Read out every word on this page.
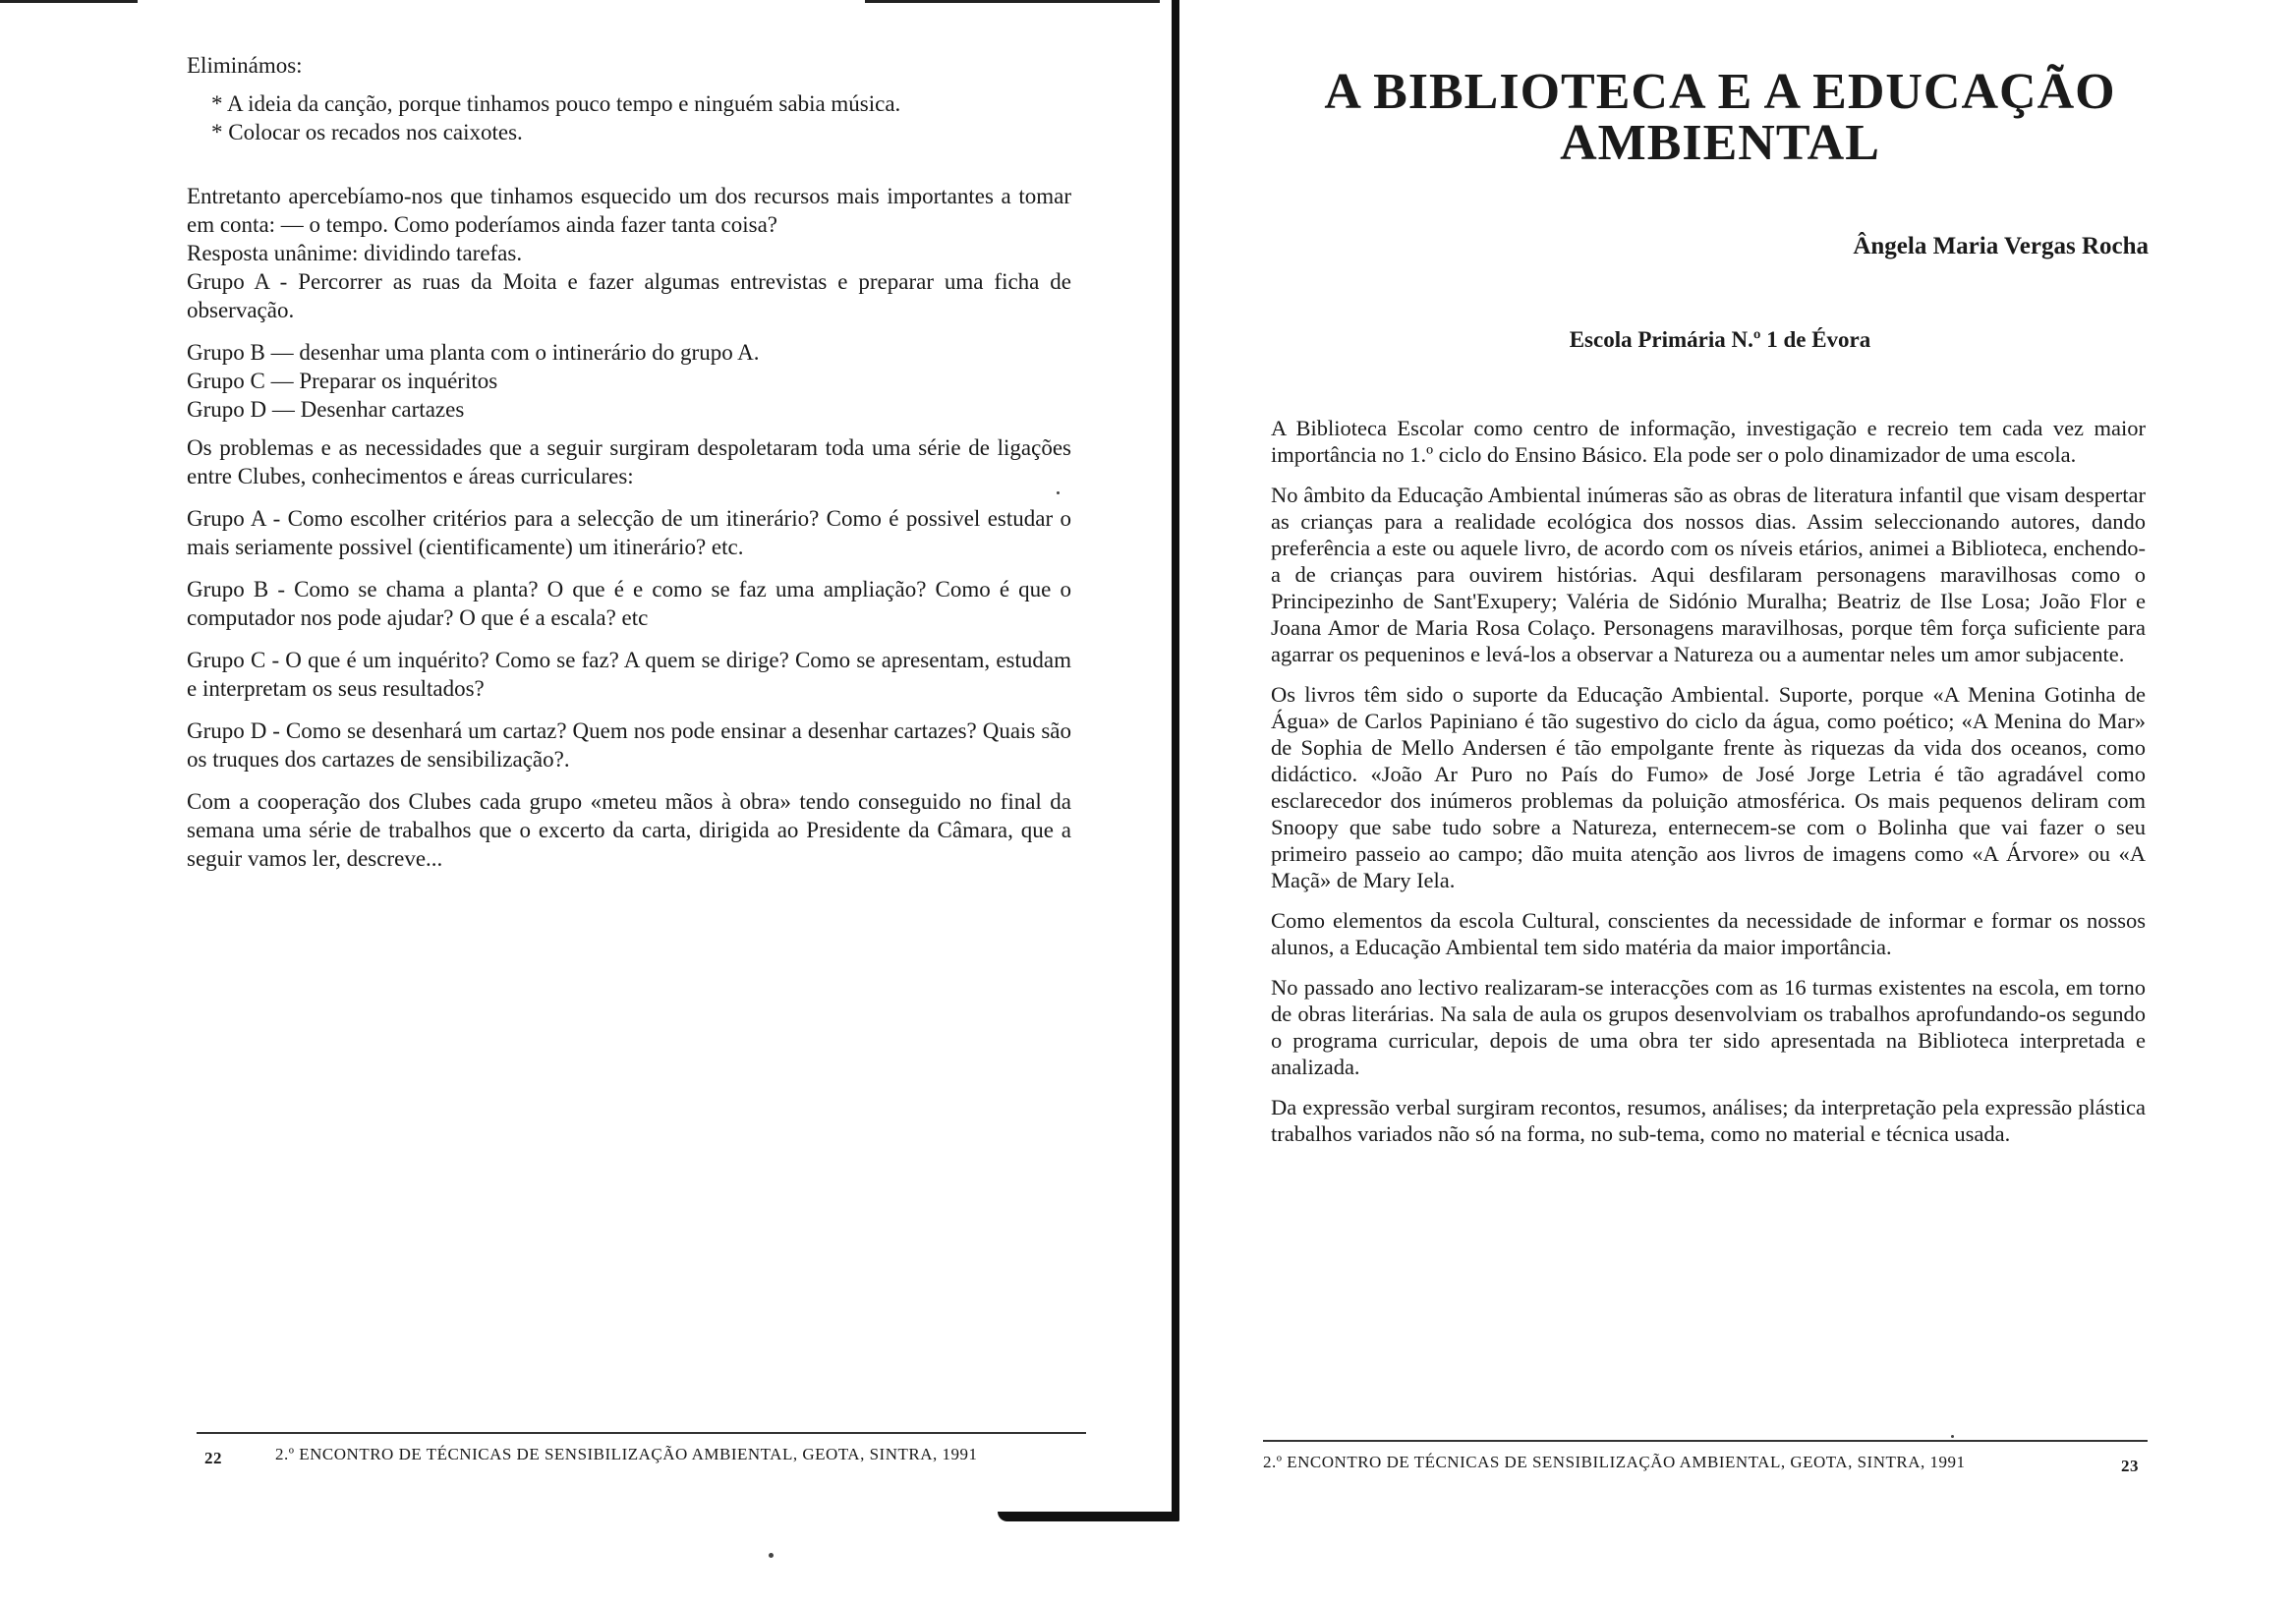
Eliminámos:

* A ideia da canção, porque tinhamos pouco tempo e ninguém sabia música.

* Colocar os recados nos caixotes.

Entretanto apercebíamo-nos que tinhamos esquecido um dos recursos mais importantes a tomar em conta: — o tempo. Como poderíamos ainda fazer tanta coisa?

Resposta unânime: dividindo tarefas.

Grupo A - Percorrer as ruas da Moita e fazer algumas entrevistas e preparar uma ficha de observação.

Grupo B — desenhar uma planta com o intinerário do grupo A.

Grupo C — Preparar os inquéritos

Grupo D — Desenhar cartazes

Os problemas e as necessidades que a seguir surgiram despoletaram toda uma série de ligações entre Clubes, conhecimentos e áreas curriculares:

Grupo A - Como escolher critérios para a selecção de um itinerário? Como é possivel estudar o mais seriamente possivel (cientificamente) um itinerário? etc.

Grupo B - Como se chama a planta? O que é e como se faz uma ampliação? Como é que o computador nos pode ajudar? O que é a escala? etc

Grupo C - O que é um inquérito? Como se faz? A quem se dirige? Como se apresentam, estudam e interpretam os seus resultados?

Grupo D - Como se desenhará um cartaz? Quem nos pode ensinar a desenhar cartazes? Quais são os truques dos cartazes de sensibilização?.

Com a cooperação dos Clubes cada grupo «meteu mãos à obra» tendo conseguido no final da semana uma série de trabalhos que o excerto da carta, dirigida ao Presidente da Câmara, que a seguir vamos ler, descreve...

22	2.º ENCONTRO DE TÉCNICAS DE SENSIBILIZAÇÃO AMBIENTAL, GEOTA, SINTRA, 1991
A BIBLIOTECA E A EDUCAÇÃO
AMBIENTAL
Ângela Maria Vergas Rocha
Escola Primária N.º 1 de Évora

A Biblioteca Escolar como centro de informação, investigação e recreio tem cada vez maior importância no 1.º ciclo do Ensino Básico. Ela pode ser o polo dinamizador de uma escola.

No âmbito da Educação Ambiental inúmeras são as obras de literatura infantil que visam despertar as crianças para a realidade ecológica dos nossos dias. Assim seleccionando autores, dando preferência a este ou aquele livro, de acordo com os níveis etários, animei a Biblioteca, enchendo-a de crianças para ouvirem histórias. Aqui desfilaram personagens maravilhosas como o Principezinho de Sant'Exupery; Valéria de Sidónio Muralha; Beatriz de Ilse Losa; João Flor e Joana Amor de Maria Rosa Colaço. Personagens maravilhosas, porque têm força suficiente para agarrar os pequeninos e levá-los a observar a Natureza ou a aumentar neles um amor subjacente.

Os livros têm sido o suporte da Educação Ambiental. Suporte, porque «A Menina Gotinha de Água» de Carlos Papiniano é tão sugestivo do ciclo da água, como poético; «A Menina do Mar» de Sophia de Mello Andersen é tão empolgante frente às riquezas da vida dos oceanos, como didáctico. «João Ar Puro no País do Fumo» de José Jorge Letria é tão agradável como esclarecedor dos inúmeros problemas da poluição atmosférica. Os mais pequenos deliram com Snoopy que sabe tudo sobre a Natureza, enternecem-se com o Bolinha que vai fazer o seu primeiro passeio ao campo; dão muita atenção aos livros de imagens como «A Árvore» ou «A Maçã» de Mary Iela.

Como elementos da escola Cultural, conscientes da necessidade de informar e formar os nossos alunos, a Educação Ambiental tem sido matéria da maior importância.

No passado ano lectivo realizaram-se interacções com as 16 turmas existentes na escola, em torno de obras literárias. Na sala de aula os grupos desenvolviam os trabalhos aprofundando-os segundo o programa curricular, depois de uma obra ter sido apresentada na Biblioteca interpretada e analizada.

Da expressão verbal surgiram recontos, resumos, análises; da interpretação pela expressão plástica trabalhos variados não só na forma, no sub-tema, como no material e técnica usada.

2.º ENCONTRO DE TÉCNICAS DE SENSIBILIZAÇÃO AMBIENTAL, GEOTA, SINTRA, 1991	23
